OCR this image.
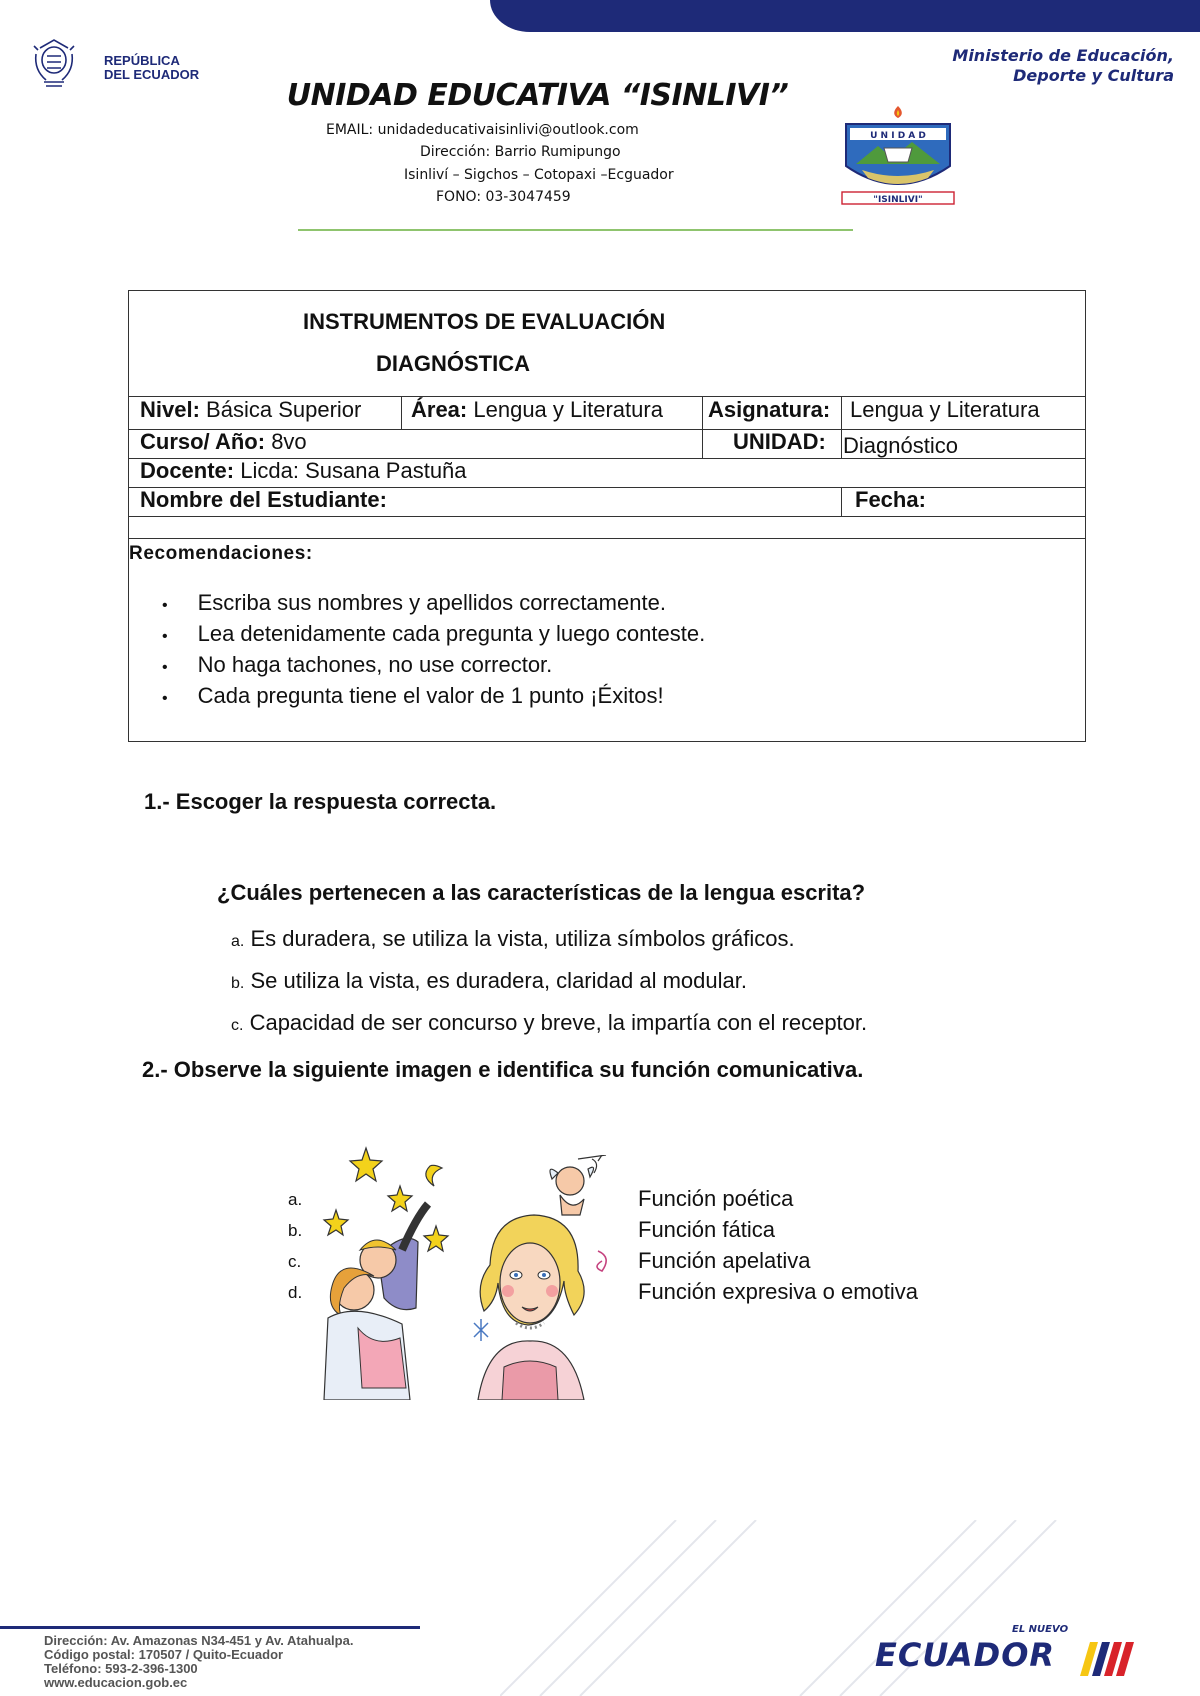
REPÚBLICA
DEL ECUADOR
Ministerio de Educación,
Deporte y Cultura
UNIDAD EDUCATIVA “ISINLIVI”
EMAIL: unidadeducativaisinlivi@outlook.com
Dirección: Barrio Rumipungo
Isinliví – Sigchos – Cotopaxi –Ecguador
FONO: 03-3047459
U N I D A D
"ISINLIVI"
INSTRUMENTOS DE EVALUACIÓN
DIAGNÓSTICA
Nivel: Básica Superior Área: Lengua y Literatura Asignatura: Lengua y Literatura
Curso/ Año: 8vo	UNIDAD: Diagnóstico
Docente: Licda: Susana Pastuña
Nombre del Estudiante:	Fecha:
Recomendaciones:
• Escriba sus nombres y apellidos correctamente.
• Lea detenidamente cada pregunta y luego conteste.
• No haga tachones, no use corrector.
• Cada pregunta tiene el valor de 1 punto ¡Éxitos!
1.- Escoger la respuesta correcta.
¿Cuáles pertenecen a las características de la lengua escrita?
a. Es duradera, se utiliza la vista, utiliza símbolos gráficos.
b. Se utiliza la vista, es duradera, claridad al modular.
c. Capacidad de ser concurso y breve, la impartía con el receptor.
2.- Observe la siguiente imagen e identifica su función comunicativa.
a.
b.
c.
d.
Función poética
Función fática
Función apelativa
Función expresiva o emotiva
Dirección: Av. Amazonas N34-451 y Av. Atahualpa.
Código postal: 170507 / Quito-Ecuador
Teléfono: 593-2-396-1300
www.educacion.gob.ec
EL NUEVO
ECUADOR
